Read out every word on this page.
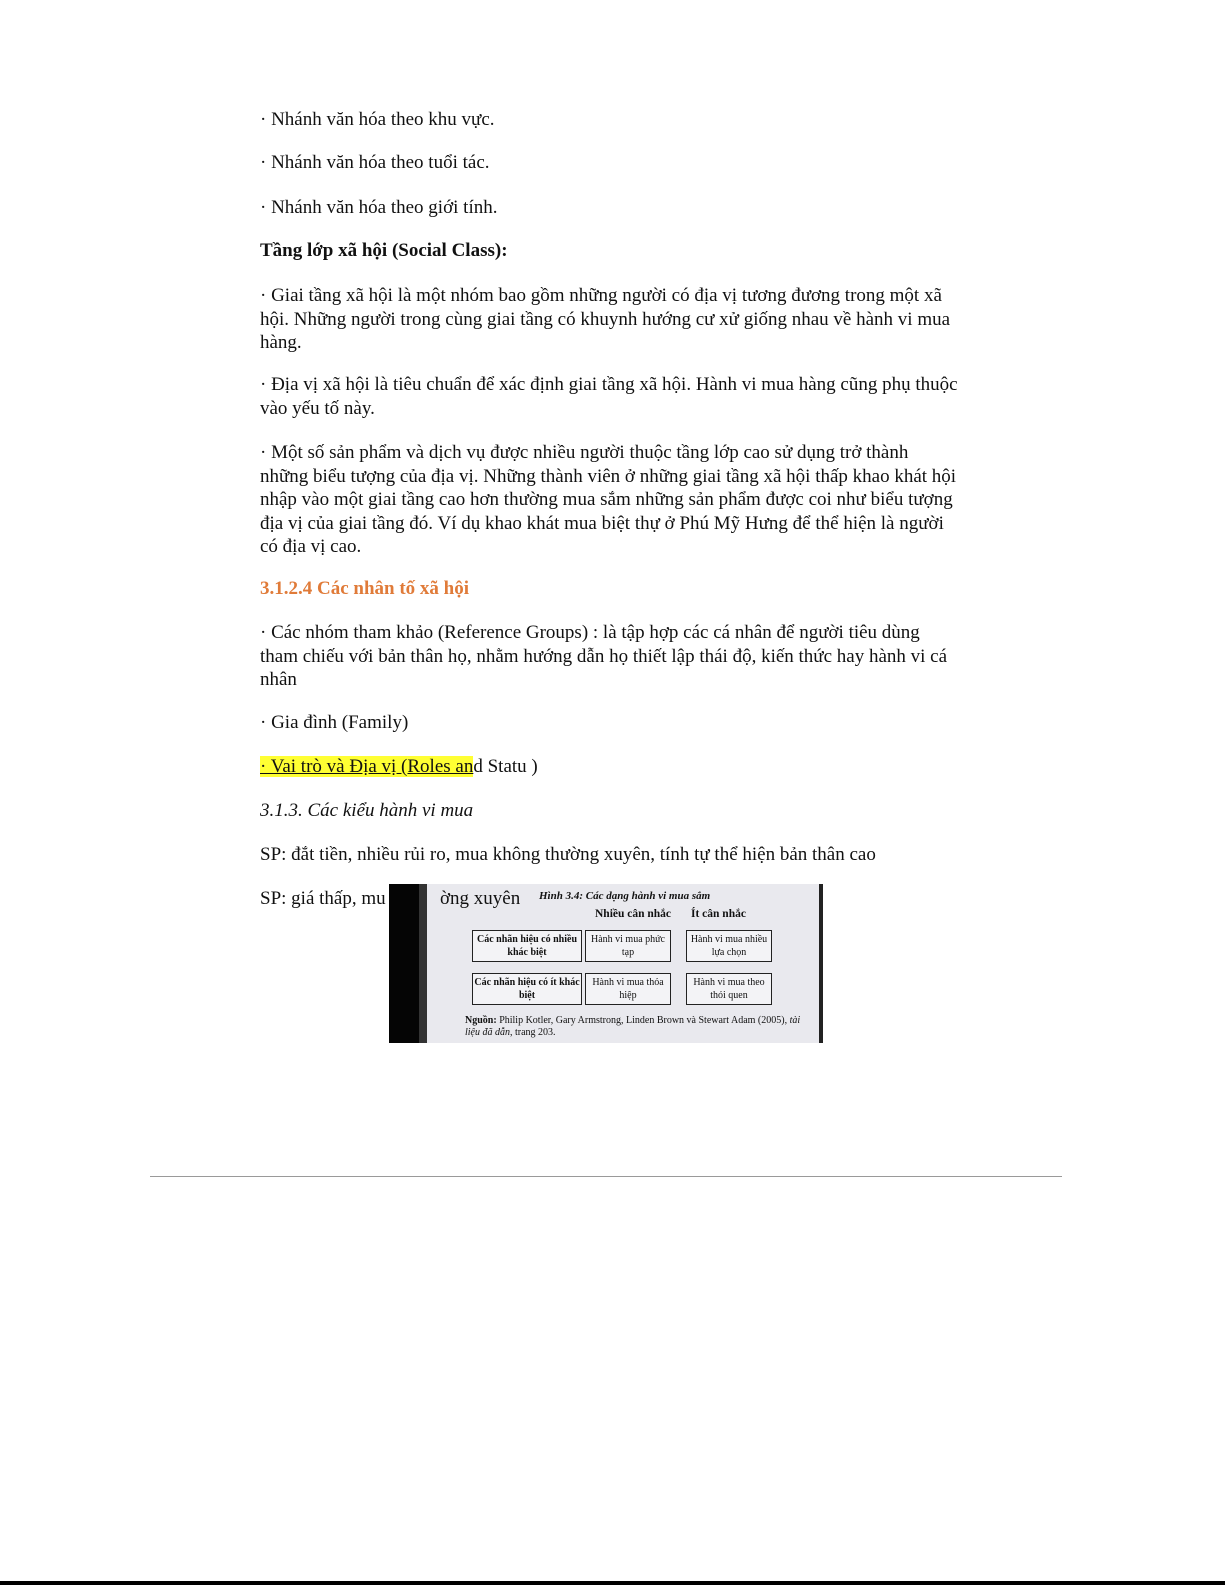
· Nhánh văn hóa theo khu vực.

· Nhánh văn hóa theo tuổi tác.

· Nhánh văn hóa theo giới tính.

Tầng lớp xã hội (Social Class):

· Giai tầng xã hội là một nhóm bao gồm những người có địa vị tương đương trong một xã hội. Những người trong cùng giai tầng có khuynh hướng cư xử giống nhau về hành vi mua hàng.

· Địa vị xã hội là tiêu chuẩn để xác định giai tầng xã hội. Hành vi mua hàng cũng phụ thuộc vào yếu tố này.

· Một số sản phẩm và dịch vụ được nhiều người thuộc tầng lớp cao sử dụng trở thành những biểu tượng của địa vị. Những thành viên ở những giai tầng xã hội thấp khao khát hội nhập vào một giai tầng cao hơn thường mua sắm những sản phẩm được coi như biểu tượng địa vị của giai tầng đó. Ví dụ khao khát mua biệt thự ở Phú Mỹ Hưng để thể hiện là người có địa vị cao.

3.1.2.4 Các nhân tố xã hội

· Các nhóm tham khảo (Reference Groups) : là tập hợp các cá nhân để người tiêu dùng tham chiếu với bản thân họ, nhằm hướng dẫn họ thiết lập thái độ, kiến thức hay hành vi cá nhân

· Gia đình (Family)

· Vai trò và Địa vị (Roles and Statu )

3.1.3. Các kiểu hành vi mua

SP: đắt tiền, nhiều rủi ro, mua không thường xuyên, tính tự thể hiện bản thân cao

SP: giá thấp, mu	ờng xuyên	Hình 3.4: Các dạng hành vi mua sắm
Nhiều cân nhắc Ít cân nhắc
Các nhãn hiệu có nhiều khác biệt
Hành vi mua phức tạp
Hành vi mua nhiều lựa chọn
Các nhãn hiệu có ít khác biệt
Hành vi mua thỏa hiệp
Hành vi mua theo thói quen
Nguồn: Philip Kotler, Gary Armstrong, Linden Brown và Stewart Adam (2005), tài liệu đã dẫn, trang 203.
